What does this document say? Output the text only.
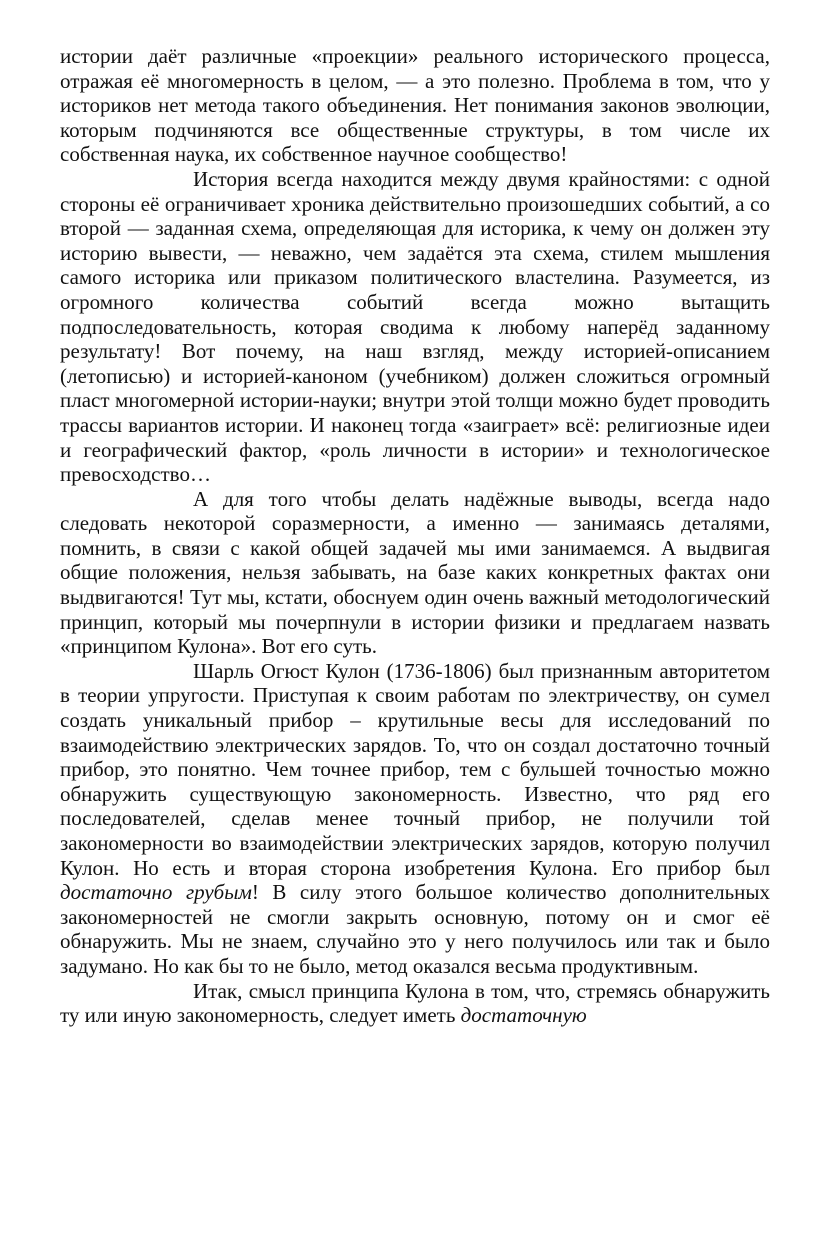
истории даёт различные «проекции» реального исторического процесса, отражая её многомерность в целом, — а это полезно. Проблема в том, что у историков нет метода такого объединения. Нет понимания законов эволюции, которым подчиняются все общественные структуры, в том числе их собственная наука, их собственное научное сообщество!

История всегда находится между двумя крайностями: с одной стороны её ограничивает хроника действительно произошедших событий, а со второй — заданная схема, определяющая для историка, к чему он должен эту историю вывести, — неважно, чем задаётся эта схема, стилем мышления самого историка или приказом политического властелина. Разумеется, из огромного количества событий всегда можно вытащить подпоследовательность, которая сводима к любому наперёд заданному результату! Вот почему, на наш взгляд, между историей-описанием (летописью) и историей-каноном (учебником) должен сложиться огромный пласт многомерной истории-науки; внутри этой толщи можно будет проводить трассы вариантов истории. И наконец тогда «заиграет» всё: религиозные идеи и географический фактор, «роль личности в истории» и технологическое превосходство…

А для того чтобы делать надёжные выводы, всегда надо следовать некоторой соразмерности, а именно — занимаясь деталями, помнить, в связи с какой общей задачей мы ими занимаемся. А выдвигая общие положения, нельзя забывать, на базе каких конкретных фактах они выдвигаются! Тут мы, кстати, обоснуем один очень важный методологический принцип, который мы почерпнули в истории физики и предлагаем назвать «принципом Кулона». Вот его суть.

Шарль Огюст Кулон (1736-1806) был признанным авторитетом в теории упругости. Приступая к своим работам по электричеству, он сумел создать уникальный прибор – крутильные весы для исследований по взаимодействию электрических зарядов. То, что он создал достаточно точный прибор, это понятно. Чем точнее прибор, тем с бульшей точностью можно обнаружить существующую закономерность. Известно, что ряд его последователей, сделав менее точный прибор, не получили той закономерности во взаимодействии электрических зарядов, которую получил Кулон. Но есть и вторая сторона изобретения Кулона. Его прибор был достаточно грубым! В силу этого большое количество дополнительных закономерностей не смогли закрыть основную, потому он и смог её обнаружить. Мы не знаем, случайно это у него получилось или так и было задумано. Но как бы то не было, метод оказался весьма продуктивным.

Итак, смысл принципа Кулона в том, что, стремясь обнаружить ту или иную закономерность, следует иметь достаточную
